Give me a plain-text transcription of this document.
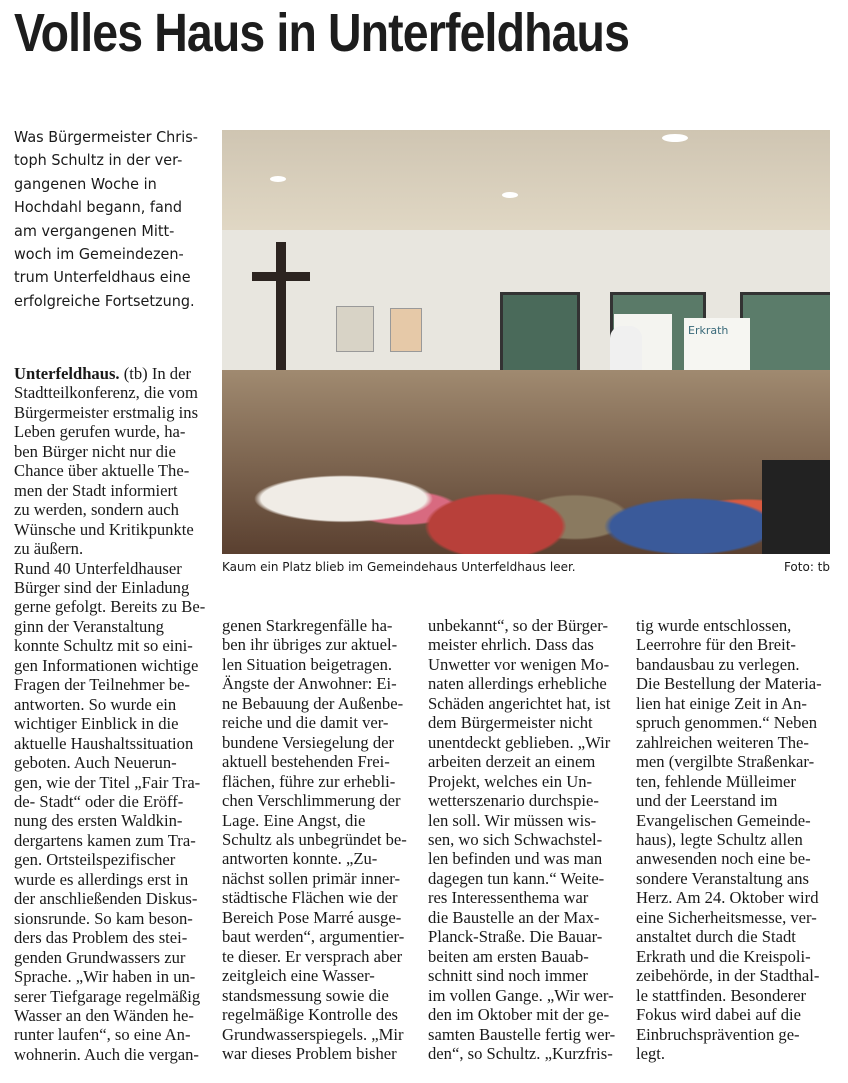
Volles Haus in Unterfeldhaus
Was Bürgermeister Chris-
toph Schultz in der ver-
gangenen Woche in
Hochdahl begann, fand
am vergangenen Mitt-
woch im Gemeindezen-
trum Unterfeldhaus eine
erfolgreiche Fortsetzung.
Erkrath
Kaum ein Platz blieb im Gemeindehaus Unterfeldhaus leer.	Foto: tb
Unterfeldhaus. (tb) In der
Stadtteilkonferenz, die vom
Bürgermeister erstmalig ins
Leben gerufen wurde, ha-
ben Bürger nicht nur die
Chance über aktuelle The-
men der Stadt informiert
zu werden, sondern auch
Wünsche und Kritikpunkte
zu äußern.
Rund 40 Unterfeldhauser
Bürger sind der Einladung
gerne gefolgt. Bereits zu Be-
ginn der Veranstaltung
konnte Schultz mit so eini-
gen Informationen wichtige
Fragen der Teilnehmer be-
antworten. So wurde ein
wichtiger Einblick in die
aktuelle Haushaltssituation
geboten. Auch Neuerun-
gen, wie der Titel „Fair Tra-
de- Stadt“ oder die Eröff-
nung des ersten Waldkin-
dergartens kamen zum Tra-
gen. Ortsteilspezifischer
wurde es allerdings erst in
der anschließenden Diskus-
sionsrunde. So kam beson-
ders das Problem des stei-
genden Grundwassers zur
Sprache. „Wir haben in un-
serer Tiefgarage regelmäßig
Wasser an den Wänden he-
runter laufen“, so eine An-
wohnerin. Auch die vergan-
genen Starkregenfälle ha-
ben ihr übriges zur aktuel-
len Situation beigetragen.
Ängste der Anwohner: Ei-
ne Bebauung der Außenbe-
reiche und die damit ver-
bundene Versiegelung der
aktuell bestehenden Frei-
flächen, führe zur erhebli-
chen Verschlimmerung der
Lage. Eine Angst, die
Schultz als unbegründet be-
antworten konnte. „Zu-
nächst sollen primär inner-
städtische Flächen wie der
Bereich Pose Marré ausge-
baut werden“, argumentier-
te dieser. Er versprach aber
zeitgleich eine Wasser-
standsmessung sowie die
regelmäßige Kontrolle des
Grundwasserspiegels. „Mir
war dieses Problem bisher
unbekannt“, so der Bürger-
meister ehrlich. Dass das
Unwetter vor wenigen Mo-
naten allerdings erhebliche
Schäden angerichtet hat, ist
dem Bürgermeister nicht
unentdeckt geblieben. „Wir
arbeiten derzeit an einem
Projekt, welches ein Un-
wetterszenario durchspie-
len soll. Wir müssen wis-
sen, wo sich Schwachstel-
len befinden und was man
dagegen tun kann.“ Weite-
res Interessenthema war
die Baustelle an der Max-
Planck-Straße. Die Bauar-
beiten am ersten Bauab-
schnitt sind noch immer
im vollen Gange. „Wir wer-
den im Oktober mit der ge-
samten Baustelle fertig wer-
den“, so Schultz. „Kurzfris-
tig wurde entschlossen,
Leerrohre für den Breit-
bandausbau zu verlegen.
Die Bestellung der Materia-
lien hat einige Zeit in An-
spruch genommen.“ Neben
zahlreichen weiteren The-
men (vergilbte Straßenkar-
ten, fehlende Mülleimer
und der Leerstand im
Evangelischen Gemeinde-
haus), legte Schultz allen
anwesenden noch eine be-
sondere Veranstaltung ans
Herz. Am 24. Oktober wird
eine Sicherheitsmesse, ver-
anstaltet durch die Stadt
Erkrath und die Kreispoli-
zeibehörde, in der Stadthal-
le stattfinden. Besonderer
Fokus wird dabei auf die
Einbruchsprävention ge-
legt.
